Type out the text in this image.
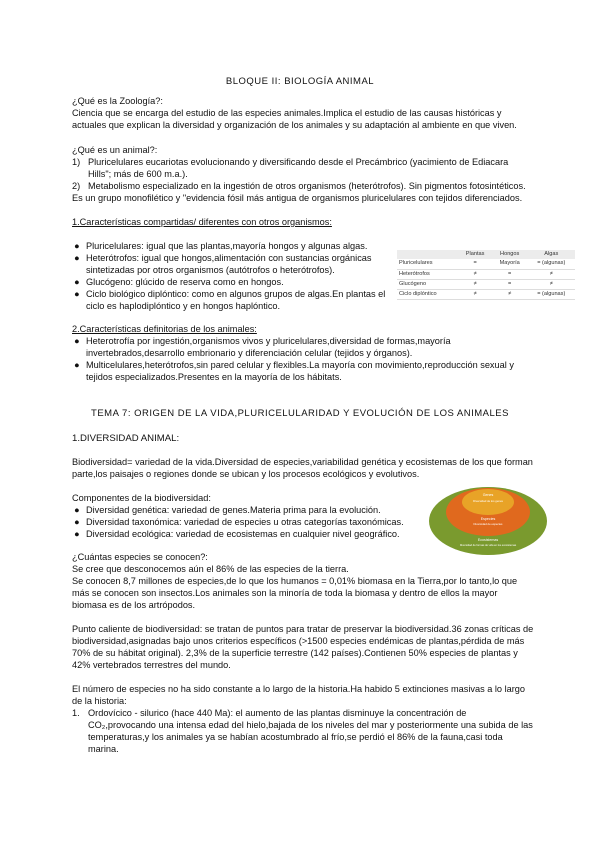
BLOQUE II: BIOLOGÍA ANIMAL
¿Qué es la Zoología?:
Ciencia que se encarga del estudio de las especies animales.Implica el estudio de las causas históricas y actuales que explican la diversidad y organización de los animales y su adaptación al ambiente en que viven.
¿Qué es un animal?:
1) Pluricelulares eucariotas evolucionando y diversificando desde el Precámbrico (yacimiento de Ediacara Hills"; más de 600 m.a.).
2) Metabolismo especializado en la ingestión de otros organismos (heterótrofos). Sin pigmentos fotosintéticos.
Es un grupo monofilético y "evidencia fósil más antigua de organismos pluricelulares con tejidos diferenciados.
1.Características compartidas/ diferentes con otros organismos:
● Pluricelulares: igual que las plantas,mayoría hongos y algunas algas.
● Heterótrofos: igual que hongos,alimentación con sustancias orgánicas sintetizadas por otros organismos (autótrofos o heterótrofos).
● Glucógeno: glúcido de reserva como en hongos.
● Ciclo biológico diplóntico: como en algunos grupos de algas.En plantas el ciclo es haplodiplóntico y en hongos haplóntico.
	Plantas	Hongos	Algas
Pluricelulares	=	Mayoría	= (algunas)
Heterótrofos	≠	=	≠
Glucógeno	≠	=	≠
Ciclo diplóntico	≠	≠	= (algunas)
2.Características definitorias de los animales:
● Heterotrofía por ingestión,organismos vivos y pluricelulares,diversidad de formas,mayoría invertebrados,desarrollo embrionario y diferenciación celular (tejidos y órganos).
● Multicelulares,heterótrofos,sin pared celular y flexibles.La mayoría con movimiento,reproducción sexual y tejidos especializados.Presentes en la mayoría de los hábitats.
TEMA 7: ORIGEN DE LA VIDA,PLURICELULARIDAD Y EVOLUCIÓN DE LOS ANIMALES
1.DIVERSIDAD ANIMAL:
Biodiversidad= variedad de la vida.Diversidad de especies,variabilidad genética y ecosistemas de los que forman parte,los paisajes o regiones donde se ubican y los procesos ecológicos y evolutivos.
Componentes de la biodiversidad:
● Diversidad genética: variedad de genes.Materia prima para la evolución.
● Diversidad taxonómica: variedad de especies u otras categorías taxonómicas.
● Diversidad ecológica: variedad de ecosistemas en cualquier nivel geográfico.
Genes
Diversidad de los genes
Especies
Diversidad de especies
Ecosistemas
Diversidad de formas de vida en los ecosistemas
¿Cuántas especies se conocen?:
Se cree que desconocemos aún el 86% de las especies de la tierra.
Se conocen 8,7 millones de especies,de lo que los humanos = 0,01% biomasa en la Tierra,por lo tanto,lo que más se conocen son insectos.Los animales son la minoría de toda la biomasa y dentro de ellos la mayor biomasa es de los artrópodos.
Punto caliente de biodiversidad: se tratan de puntos para tratar de preservar la biodiversidad.36 zonas críticas de biodiversidad,asignadas bajo unos criterios específicos (>1500 especies endémicas de plantas,pérdida de más 70% de su hábitat original). 2,3% de la superficie terrestre (142 países).Contienen 50% especies de plantas y 42% vertebrados terrestres del mundo.
El número de especies no ha sido constante a lo largo de la historia.Ha habido 5 extinciones masivas a lo largo de la historia:
1. Ordovícico - silurico (hace 440 Ma): el aumento de las plantas disminuye la concentración de CO₂,provocando una intensa edad del hielo,bajada de los niveles del mar y posteriormente una subida de las temperaturas,y los animales ya se habían acostumbrado al frío,se perdió el 86% de la fauna,casi toda marina.
